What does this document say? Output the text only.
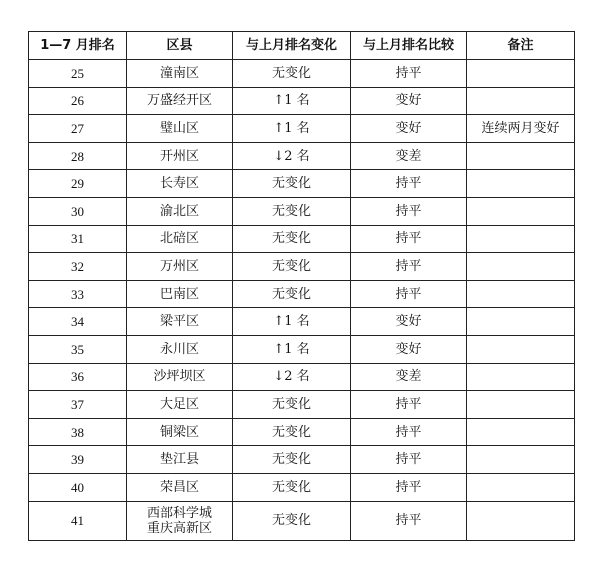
1—7 月排名	区县	与上月排名变化	与上月排名比较	备注
25	潼南区	无变化	持平	
26	万盛经开区	↑1 名	变好	
27	璧山区	↑1 名	变好	连续两月变好
28	开州区	↓2 名	变差	
29	长寿区	无变化	持平	
30	渝北区	无变化	持平	
31	北碚区	无变化	持平	
32	万州区	无变化	持平	
33	巴南区	无变化	持平	
34	梁平区	↑1 名	变好	
35	永川区	↑1 名	变好	
36	沙坪坝区	↓2 名	变差	
37	大足区	无变化	持平	
38	铜梁区	无变化	持平	
39	垫江县	无变化	持平	
40	荣昌区	无变化	持平	
41	西部科学城
重庆高新区	无变化	持平	
